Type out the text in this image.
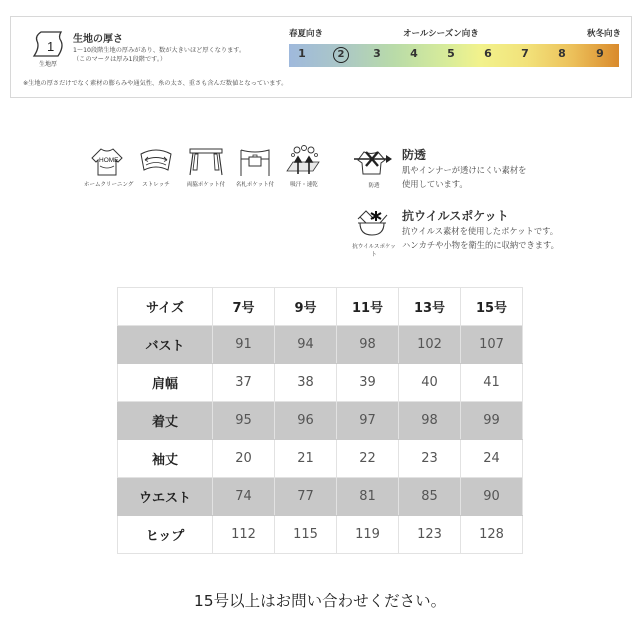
1
生地厚
生地の厚さ
1〜10段階生地の厚みがあり、数が大きいほど厚くなります。
（このマークは厚み1段階です。）
※生地の厚さだけでなく素材の膨らみや通気性、糸の太さ、重さも含んだ数値となっています。
春夏向き	オールシーズン向き	秋冬向き
1	2	3	4	5	6	7	8	9
HOME
ホームクリーニング	ストレッチ	両脇ポケット付	名札ポケット付	吸汗・速乾	防透
防透
肌やインナーが透けにくい素材を
使用しています。
抗ウイルスポケット
抗ウイルスポケット
抗ウイルス素材を使用したポケットです。
ハンカチや小物を衛生的に収納できます。
サイズ	7号	9号	11号	13号	15号
バスト	91	94	98	102	107
肩幅	37	38	39	40	41
着丈	95	96	97	98	99
袖丈	20	21	22	23	24
ウエスト	74	77	81	85	90
ヒップ	112	115	119	123	128
15号以上はお問い合わせください。
